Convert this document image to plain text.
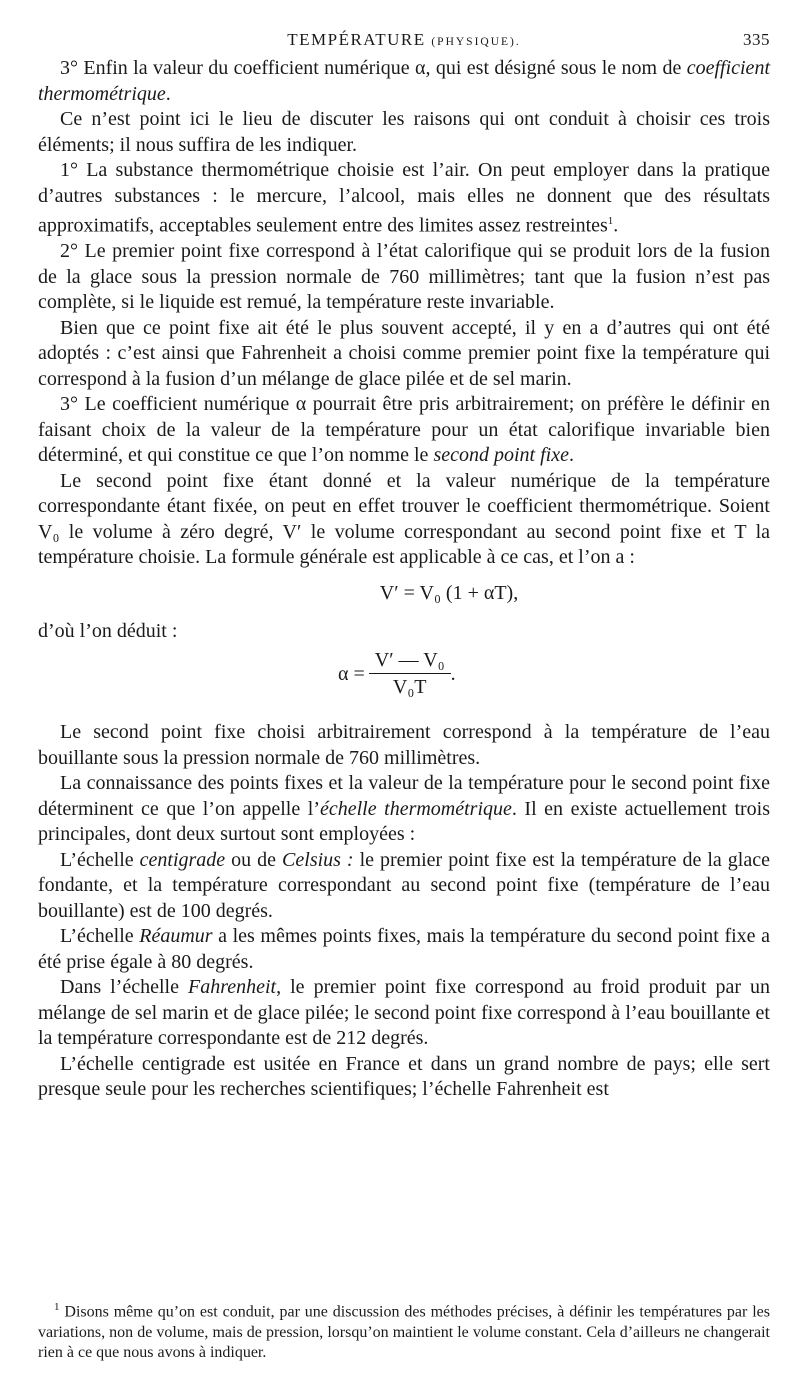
TEMPÉRATURE (PHYSIQUE).	335

3° Enfin la valeur du coefficient numérique α, qui est désigné sous le nom de coefficient thermométrique.

Ce n’est point ici le lieu de discuter les raisons qui ont conduit à choisir ces trois éléments; il nous suffira de les indiquer.

1° La substance thermométrique choisie est l’air. On peut employer dans la pratique d’autres substances : le mercure, l’alcool, mais elles ne donnent que des résultats approximatifs, acceptables seulement entre des limites assez restreintes$^1$.

2° Le premier point fixe correspond à l’état calorifique qui se produit lors de la fusion de la glace sous la pression normale de 760 millimètres; tant que la fusion n’est pas complète, si le liquide est remué, la température reste invariable.

Bien que ce point fixe ait été le plus souvent accepté, il y en a d’autres qui ont été adoptés : c’est ainsi que Fahrenheit a choisi comme premier point fixe la température qui correspond à la fusion d’un mélange de glace pilée et de sel marin.

3° Le coefficient numérique α pourrait être pris arbitrairement; on préfère le définir en faisant choix de la valeur de la température pour un état calorifique invariable bien déterminé, et qui constitue ce que l’on nomme le second point fixe.

Le second point fixe étant donné et la valeur numérique de la température correspondante étant fixée, on peut en effet trouver le coefficient thermométrique. Soient V₀ le volume à zéro degré, V′ le volume correspondant au second point fixe et T la température choisie. La formule générale est applicable à ce cas, et l’on a :

V′ = V₀ (1 + αT),

d’où l’on déduit :

$\alpha = \frac{\text{V′ — V₀}}{\text{V₀T}}$ .

Le second point fixe choisi arbitrairement correspond à la température de l’eau bouillante sous la pression normale de 760 millimètres.

La connaissance des points fixes et la valeur de la température pour le second point fixe déterminent ce que l’on appelle l’échelle thermométrique. Il en existe actuellement trois principales, dont deux surtout sont employées :

L’échelle centigrade ou de Celsius : le premier point fixe est la température de la glace fondante, et la température correspondant au second point fixe (température de l’eau bouillante) est de 100 degrés.

L’échelle Réaumur a les mêmes points fixes, mais la température du second point fixe a été prise égale à 80 degrés.

Dans l’échelle Fahrenheit, le premier point fixe correspond au froid produit par un mélange de sel marin et de glace pilée; le second point fixe correspond à l’eau bouillante et la température correspondante est de 212 degrés.

L’échelle centigrade est usitée en France et dans un grand nombre de pays; elle sert presque seule pour les recherches scientifiques; l’échelle Fahrenheit est

$^1$ Disons même qu’on est conduit, par une discussion des méthodes précises, à définir les températures par les variations, non de volume, mais de pression, lorsqu’on maintient le volume constant. Cela d’ailleurs ne changerait rien à ce que nous avons à indiquer.
